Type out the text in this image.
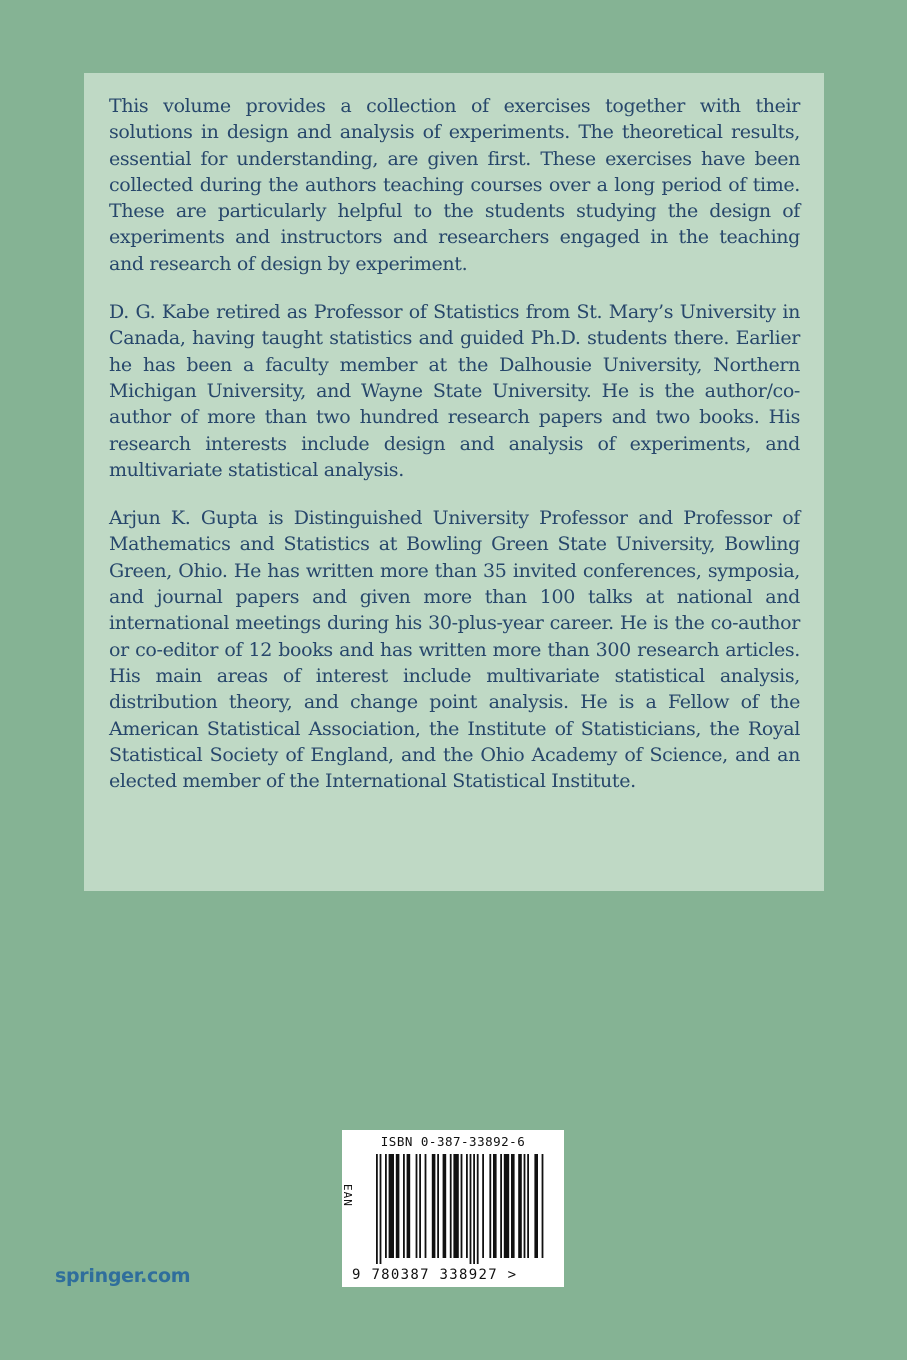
This volume provides a collection of exercises together with their solutions in design and analysis of experiments. The theoretical results, essential for understanding, are given first. These exercises have been collected during the authors teaching courses over a long period of time. These are particularly helpful to the students studying the design of experiments and instructors and researchers engaged in the teaching and research of design by experiment.

D. G. Kabe retired as Professor of Statistics from St. Mary’s University in Canada, having taught statistics and guided Ph.D. students there. Earlier he has been a faculty member at the Dalhousie University, Northern Michigan University, and Wayne State University. He is the author/co-author of more than two hundred research papers and two books. His research interests include design and analysis of experiments, and multivariate statistical analysis.

Arjun K. Gupta is Distinguished University Professor and Professor of Mathematics and Statistics at Bowling Green State University, Bowling Green, Ohio. He has written more than 35 invited conferences, symposia, and journal papers and given more than 100 talks at national and international meetings during his 30-plus-year career. He is the co-author or co-editor of 12 books and has written more than 300 research articles. His main areas of interest include multivariate statistical analysis, distribution theory, and change point analysis. He is a Fellow of the American Statistical Association, the Institute of Statisticians, the Royal Statistical Society of England, and the Ohio Academy of Science, and an elected member of the International Statistical Institute.

springer.com
ISBN 0-387-33892-6
EAN
9 780387 338927 >
